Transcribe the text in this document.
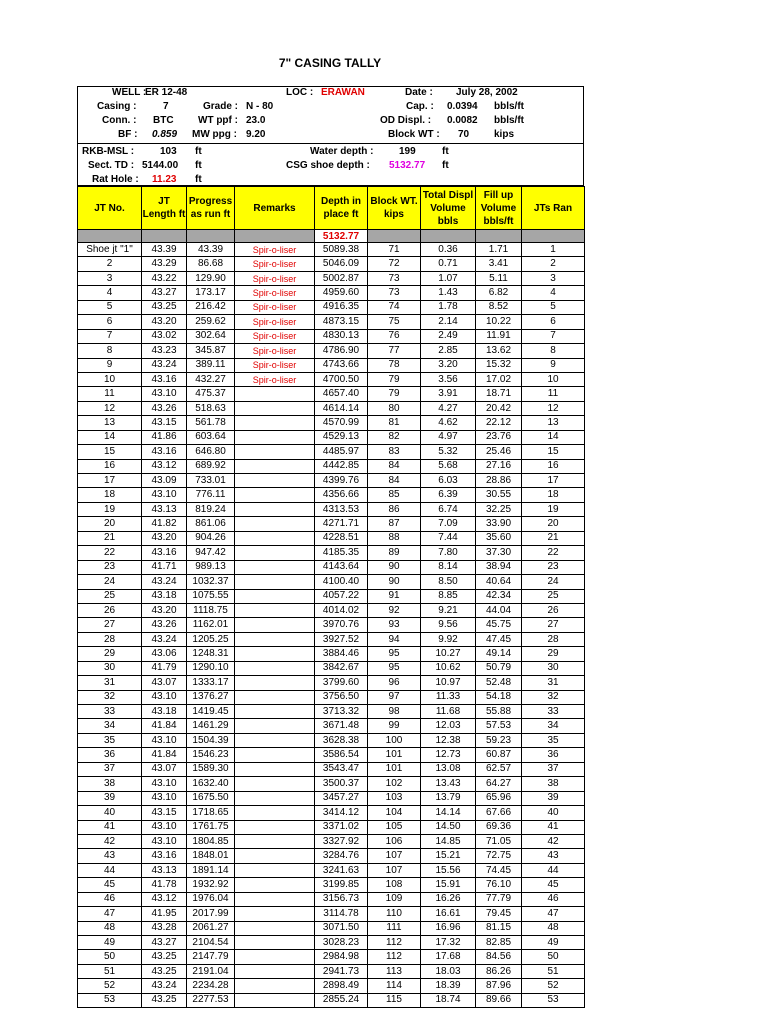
7" CASING TALLY
WELL :
ER 12-48	LOC : ERAWAN	Date : July 28, 2002
Casing :	7	Grade : N - 80	Cap. : 0.0394 bbls/ft
Conn. : BTC WT ppf : 23.0	OD Displ. : 0.0082 bbls/ft
BF : 0.859 MW ppg : 9.20	Block WT : 70 kips
RKB-MSL :	103 ft	Water depth :	199	ft
Sect. TD : 5144.00 ft	CSG shoe depth : 5132.77 ft
Rat Hole : 11.23 ft
JT No.	JT Length ft	Progress as run ft	Remarks	Depth in place ft	Block WT. kips	Total Displ Volume bbls	Fill up Volume bbls/ft	JTs Ran
				5132.77				
Shoe jt "1"	43.39	43.39	Spir-o-liser	5089.38	71	0.36	1.71	1
2	43.29	86.68	Spir-o-liser	5046.09	72	0.71	3.41	2
3	43.22	129.90	Spir-o-liser	5002.87	73	1.07	5.11	3
4	43.27	173.17	Spir-o-liser	4959.60	73	1.43	6.82	4
5	43.25	216.42	Spir-o-liser	4916.35	74	1.78	8.52	5
6	43.20	259.62	Spir-o-liser	4873.15	75	2.14	10.22	6
7	43.02	302.64	Spir-o-liser	4830.13	76	2.49	11.91	7
8	43.23	345.87	Spir-o-liser	4786.90	77	2.85	13.62	8
9	43.24	389.11	Spir-o-liser	4743.66	78	3.20	15.32	9
10	43.16	432.27	Spir-o-liser	4700.50	79	3.56	17.02	10
11	43.10	475.37		4657.40	79	3.91	18.71	11
12	43.26	518.63		4614.14	80	4.27	20.42	12
13	43.15	561.78		4570.99	81	4.62	22.12	13
14	41.86	603.64		4529.13	82	4.97	23.76	14
15	43.16	646.80		4485.97	83	5.32	25.46	15
16	43.12	689.92		4442.85	84	5.68	27.16	16
17	43.09	733.01		4399.76	84	6.03	28.86	17
18	43.10	776.11		4356.66	85	6.39	30.55	18
19	43.13	819.24		4313.53	86	6.74	32.25	19
20	41.82	861.06		4271.71	87	7.09	33.90	20
21	43.20	904.26		4228.51	88	7.44	35.60	21
22	43.16	947.42		4185.35	89	7.80	37.30	22
23	41.71	989.13		4143.64	90	8.14	38.94	23
24	43.24	1032.37		4100.40	90	8.50	40.64	24
25	43.18	1075.55		4057.22	91	8.85	42.34	25
26	43.20	1118.75		4014.02	92	9.21	44.04	26
27	43.26	1162.01		3970.76	93	9.56	45.75	27
28	43.24	1205.25		3927.52	94	9.92	47.45	28
29	43.06	1248.31		3884.46	95	10.27	49.14	29
30	41.79	1290.10		3842.67	95	10.62	50.79	30
31	43.07	1333.17		3799.60	96	10.97	52.48	31
32	43.10	1376.27		3756.50	97	11.33	54.18	32
33	43.18	1419.45		3713.32	98	11.68	55.88	33
34	41.84	1461.29		3671.48	99	12.03	57.53	34
35	43.10	1504.39		3628.38	100	12.38	59.23	35
36	41.84	1546.23		3586.54	101	12.73	60.87	36
37	43.07	1589.30		3543.47	101	13.08	62.57	37
38	43.10	1632.40		3500.37	102	13.43	64.27	38
39	43.10	1675.50		3457.27	103	13.79	65.96	39
40	43.15	1718.65		3414.12	104	14.14	67.66	40
41	43.10	1761.75		3371.02	105	14.50	69.36	41
42	43.10	1804.85		3327.92	106	14.85	71.05	42
43	43.16	1848.01		3284.76	107	15.21	72.75	43
44	43.13	1891.14		3241.63	107	15.56	74.45	44
45	41.78	1932.92		3199.85	108	15.91	76.10	45
46	43.12	1976.04		3156.73	109	16.26	77.79	46
47	41.95	2017.99		3114.78	110	16.61	79.45	47
48	43.28	2061.27		3071.50	111	16.96	81.15	48
49	43.27	2104.54		3028.23	112	17.32	82.85	49
50	43.25	2147.79		2984.98	112	17.68	84.56	50
51	43.25	2191.04		2941.73	113	18.03	86.26	51
52	43.24	2234.28		2898.49	114	18.39	87.96	52
53	43.25	2277.53		2855.24	115	18.74	89.66	53
